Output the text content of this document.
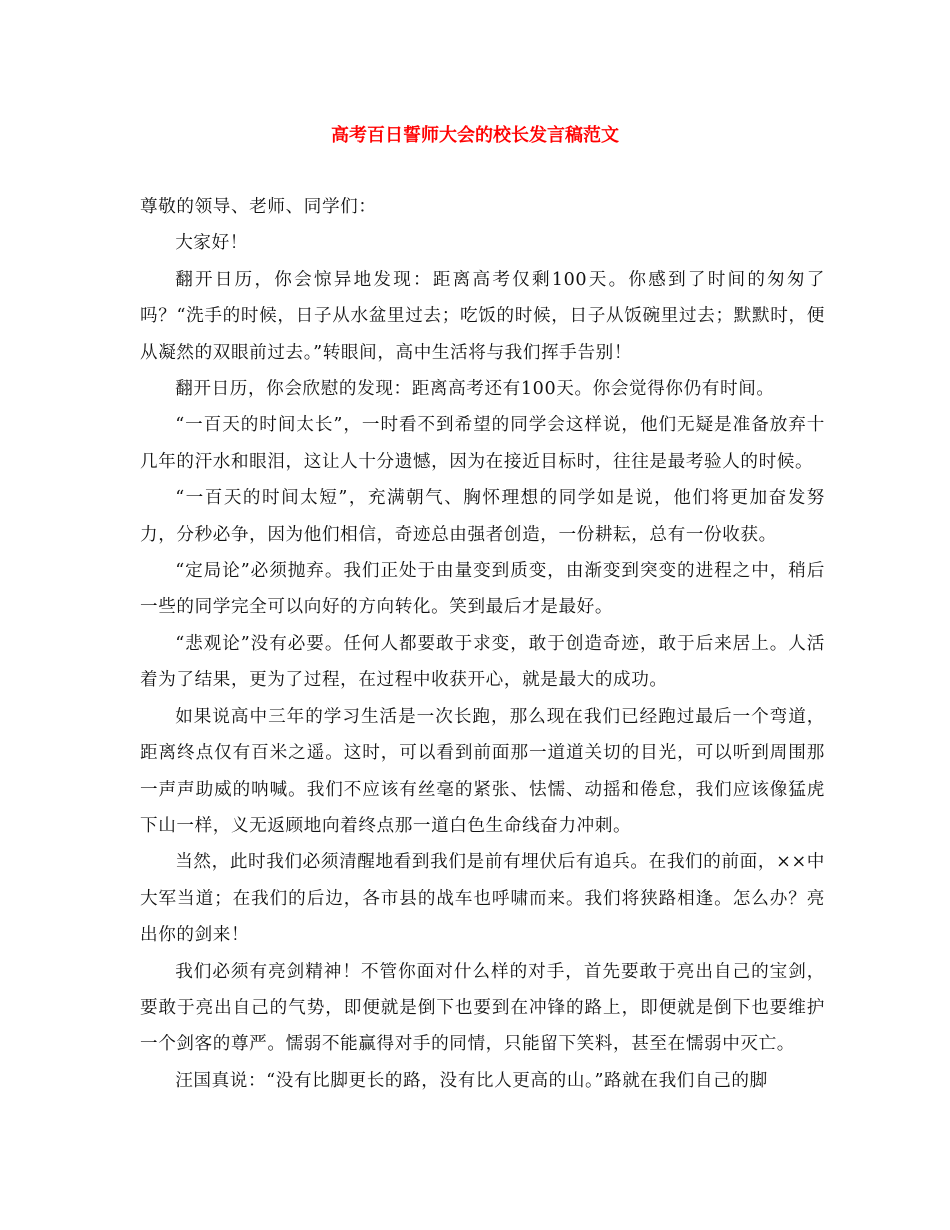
高考百日誓师大会的校长发言稿范文

尊敬的领导、老师、同学们：

大家好！

翻开日历，你会惊异地发现：距离高考仅剩100天。你感到了时间的匆匆了吗？“洗手的时候，日子从水盆里过去；吃饭的时候，日子从饭碗里过去；默默时，便从凝然的双眼前过去。”转眼间，高中生活将与我们挥手告别！

翻开日历，你会欣慰的发现：距离高考还有100天。你会觉得你仍有时间。

“一百天的时间太长”，一时看不到希望的同学会这样说，他们无疑是准备放弃十几年的汗水和眼泪，这让人十分遗憾，因为在接近目标时，往往是最考验人的时候。

“一百天的时间太短”，充满朝气、胸怀理想的同学如是说，他们将更加奋发努力，分秒必争，因为他们相信，奇迹总由强者创造，一份耕耘，总有一份收获。

“定局论”必须抛弃。我们正处于由量变到质变，由渐变到突变的进程之中，稍后一些的同学完全可以向好的方向转化。笑到最后才是最好。

“悲观论”没有必要。任何人都要敢于求变，敢于创造奇迹，敢于后来居上。人活着为了结果，更为了过程，在过程中收获开心，就是最大的成功。

如果说高中三年的学习生活是一次长跑，那么现在我们已经跑过最后一个弯道，距离终点仅有百米之遥。这时，可以看到前面那一道道关切的目光，可以听到周围那一声声助威的呐喊。我们不应该有丝毫的紧张、怯懦、动摇和倦怠，我们应该像猛虎下山一样，义无返顾地向着终点那一道白色生命线奋力冲刺。

当然，此时我们必须清醒地看到我们是前有埋伏后有追兵。在我们的前面，××中大军当道；在我们的后边，各市县的战车也呼啸而来。我们将狭路相逢。怎么办？亮出你的剑来！

我们必须有亮剑精神！不管你面对什么样的对手，首先要敢于亮出自己的宝剑，要敢于亮出自己的气势，即便就是倒下也要到在冲锋的路上，即便就是倒下也要维护一个剑客的尊严。懦弱不能赢得对手的同情，只能留下笑料，甚至在懦弱中灭亡。

汪国真说：“没有比脚更长的路，没有比人更高的山。”路就在我们自己的脚
